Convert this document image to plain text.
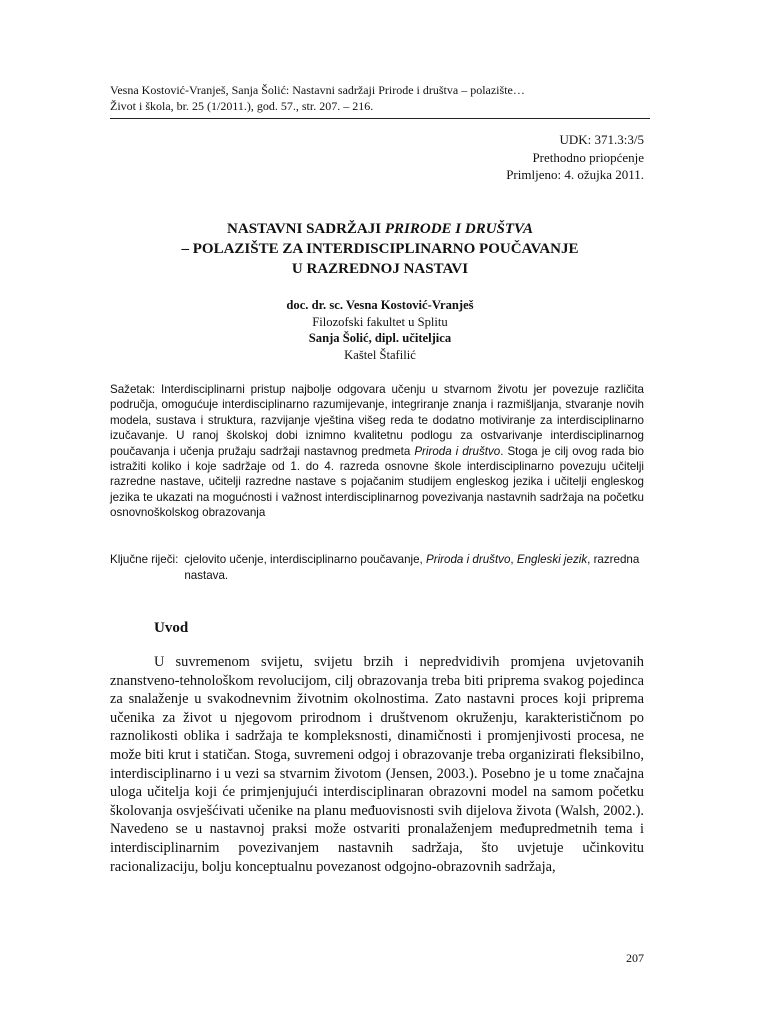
Vesna Kostović-Vranješ, Sanja Šolić: Nastavni sadržaji Prirode i društva – polazište…
Život i škola, br. 25 (1/2011.), god. 57., str. 207. – 216.
UDK: 371.3:3/5
Prethodno priopćenje
Primljeno: 4. ožujka 2011.
NASTAVNI SADRŽAJI PRIRODE I DRUŠTVA
– POLAZIŠTE ZA INTERDISCIPLINARNO POUČAVANJE
U RAZREDNOJ NASTAVI
doc. dr. sc. Vesna Kostović-Vranješ
Filozofski fakultet u Splitu
Sanja Šolić, dipl. učiteljica
Kaštel Štafilić
Sažetak: Interdisciplinarni pristup najbolje odgovara učenju u stvarnom životu jer povezuje različita područja, omogućuje interdisciplinarno razumijevanje, integriranje znanja i razmišljanja, stvaranje novih modela, sustava i struktura, razvijanje vještina višeg reda te dodatno motiviranje za interdisciplinarno izučavanje. U ranoj školskoj dobi iznimno kvalitetnu podlogu za ostvarivanje interdisciplinarnog poučavanja i učenja pružaju sadržaji nastavnog predmeta Priroda i društvo. Stoga je cilj ovog rada bio istražiti koliko i koje sadržaje od 1. do 4. razreda osnovne škole interdisciplinarno povezuju učitelji razredne nastave, učitelji razredne nastave s pojačanim studijem engleskog jezika i učitelji engleskog jezika te ukazati na mogućnosti i važnost interdisciplinarnog povezivanja nastavnih sadržaja na početku osnovnoškolskog obrazovanja
Ključne riječi: cjelovito učenje, interdisciplinarno poučavanje, Priroda i društvo, Engleski jezik, razredna nastava.
Uvod
U suvremenom svijetu, svijetu brzih i nepredvidivih promjena uvjetovanih znanstveno-tehnološkom revolucijom, cilj obrazovanja treba biti priprema svakog pojedinca za snalaženje u svakodnevnim životnim okolnostima. Zato nastavni proces koji priprema učenika za život u njegovom prirodnom i društvenom okruženju, karakterističnom po raznolikosti oblika i sadržaja te kompleksnosti, dinamičnosti i promjenjivosti procesa, ne može biti krut i statičan. Stoga, suvremeni odgoj i obrazovanje treba organizirati fleksibilno, interdisciplinarno i u vezi sa stvarnim životom (Jensen, 2003.). Posebno je u tome značajna uloga učitelja koji će primjenjujući interdisciplinaran obrazovni model na samom početku školovanja osvješćivati učenike na planu međuovisnosti svih dijelova života (Walsh, 2002.). Navedeno se u nastavnoj praksi može ostvariti pronalaženjem međupredmetnih tema i interdisciplinarnim povezivanjem nastavnih sadržaja, što uvjetuje učinkovitu racionalizaciju, bolju konceptualnu povezanost odgojno-obrazovnih sadržaja,
207
